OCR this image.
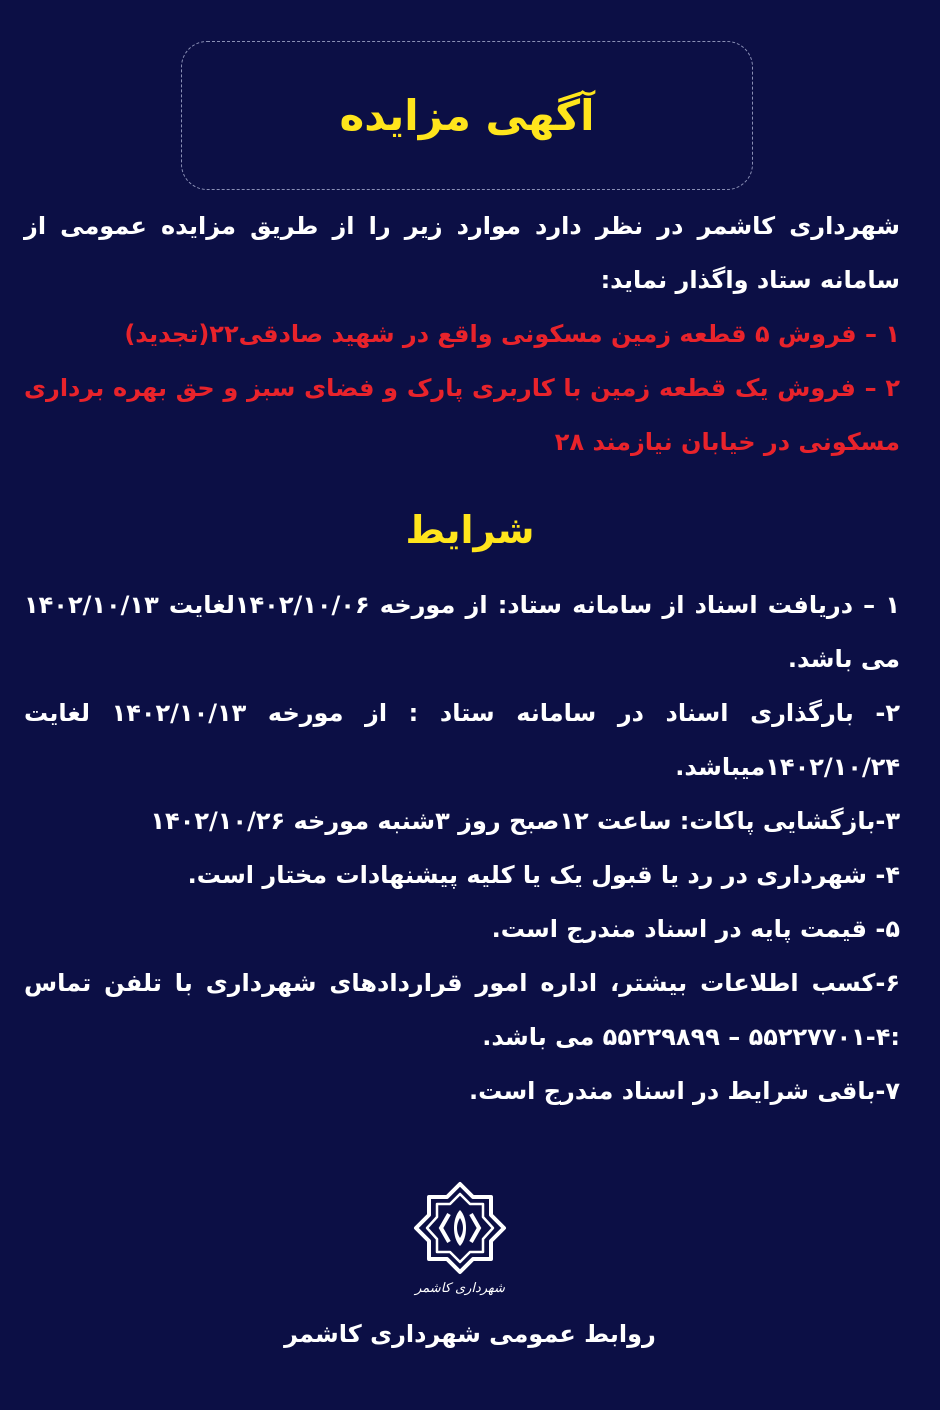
آگهی مزایده
شهرداری کاشمر در نظر دارد موارد زیر را از طریق مزایده عمومی از سامانه ستاد واگذار نماید:
۱ – فروش ۵ قطعه زمین مسکونی واقع در شهید صادقی۲۲(تجدید)
۲ – فروش یک قطعه زمین با کاربری پارک و فضای سبز و حق بهره برداری مسکونی در خیابان نیازمند ۲۸
شرایط

۱ – دریافت اسناد از سامانه ستاد: از مورخه ۱۴۰۲/۱۰/۰۶لغایت ۱۴۰۲/۱۰/۱۳ می باشد.

۲- بارگذاری اسناد در سامانه ستاد : از مورخه ۱۴۰۲/۱۰/۱۳ لغایت ۱۴۰۲/۱۰/۲۴میباشد.

۳-بازگشایی پاکات: ساعت ۱۲صبح روز ۳شنبه مورخه ۱۴۰۲/۱۰/۲۶

۴- شهرداری در رد یا قبول یک یا کلیه پیشنهادات مختار است.

۵- قیمت پایه در اسناد مندرج است.

۶-کسب اطلاعات بیشتر، اداره امور قراردادهای شهرداری با تلفن تماس :۴-۵۵۲۲۷۷۰۱ – ۵۵۲۲۹۸۹۹ می باشد.

۷-باقی شرایط در اسناد مندرج است.

شهرداری کاشمر
روابط عمومی شهرداری کاشمر
